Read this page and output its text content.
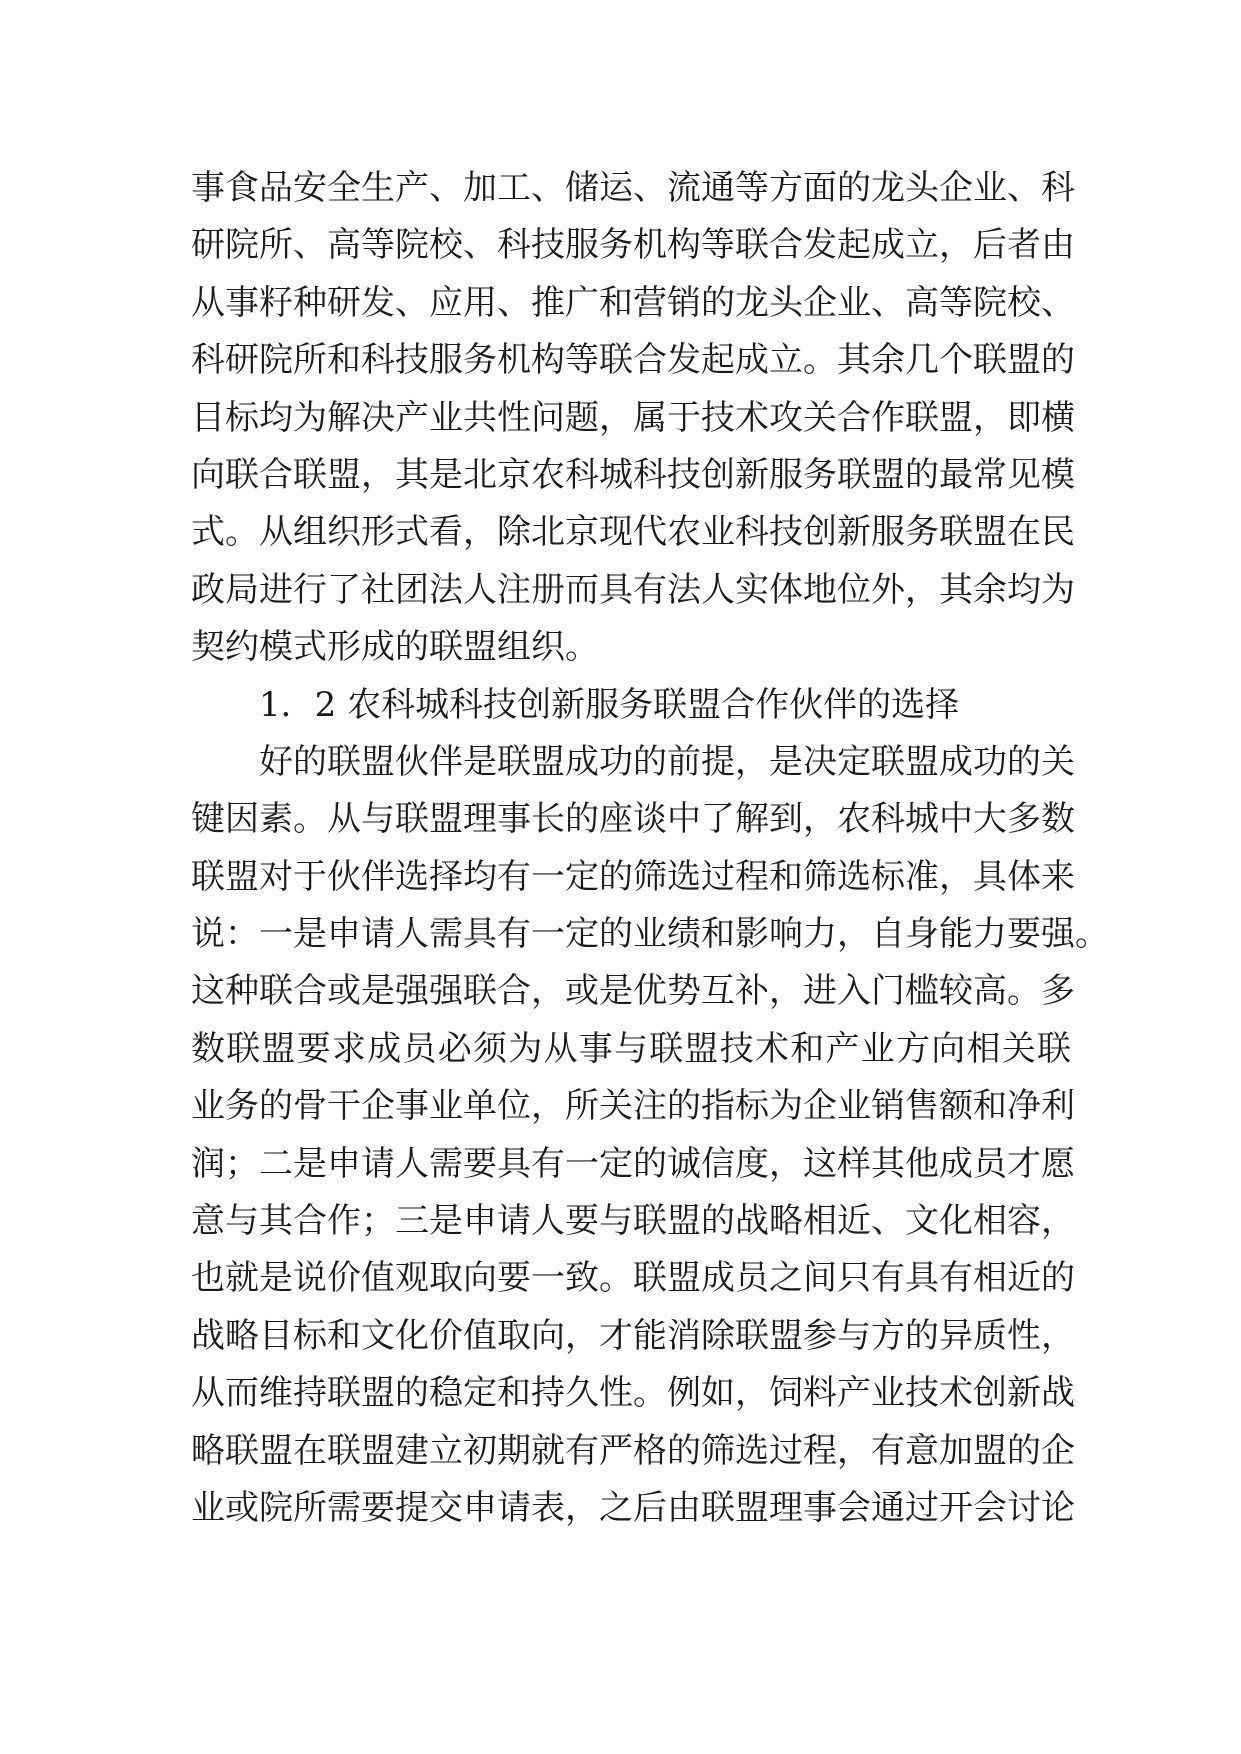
事食品安全生产、加工、储运、流通等方面的龙头企业、科
研院所、高等院校、科技服务机构等联合发起成立，后者由
从事籽种研发、应用、推广和营销的龙头企业、高等院校、
科研院所和科技服务机构等联合发起成立。其余几个联盟的
目标均为解决产业共性问题，属于技术攻关合作联盟，即横
向联合联盟，其是北京农科城科技创新服务联盟的最常见模
式。从组织形式看，除北京现代农业科技创新服务联盟在民
政局进行了社团法人注册而具有法人实体地位外，其余均为
契约模式形成的联盟组织。
1．2 农科城科技创新服务联盟合作伙伴的选择
好的联盟伙伴是联盟成功的前提，是决定联盟成功的关
键因素。从与联盟理事长的座谈中了解到，农科城中大多数
联盟对于伙伴选择均有一定的筛选过程和筛选标准，具体来
说：一是申请人需具有一定的业绩和影响力，自身能力要强。
这种联合或是强强联合，或是优势互补，进入门槛较高。多
数联盟要求成员必须为从事与联盟技术和产业方向相关联
业务的骨干企事业单位，所关注的指标为企业销售额和净利
润；二是申请人需要具有一定的诚信度，这样其他成员才愿
意与其合作；三是申请人要与联盟的战略相近、文化相容，
也就是说价值观取向要一致。联盟成员之间只有具有相近的
战略目标和文化价值取向，才能消除联盟参与方的异质性，
从而维持联盟的稳定和持久性。例如，饲料产业技术创新战
略联盟在联盟建立初期就有严格的筛选过程，有意加盟的企
业或院所需要提交申请表，之后由联盟理事会通过开会讨论
